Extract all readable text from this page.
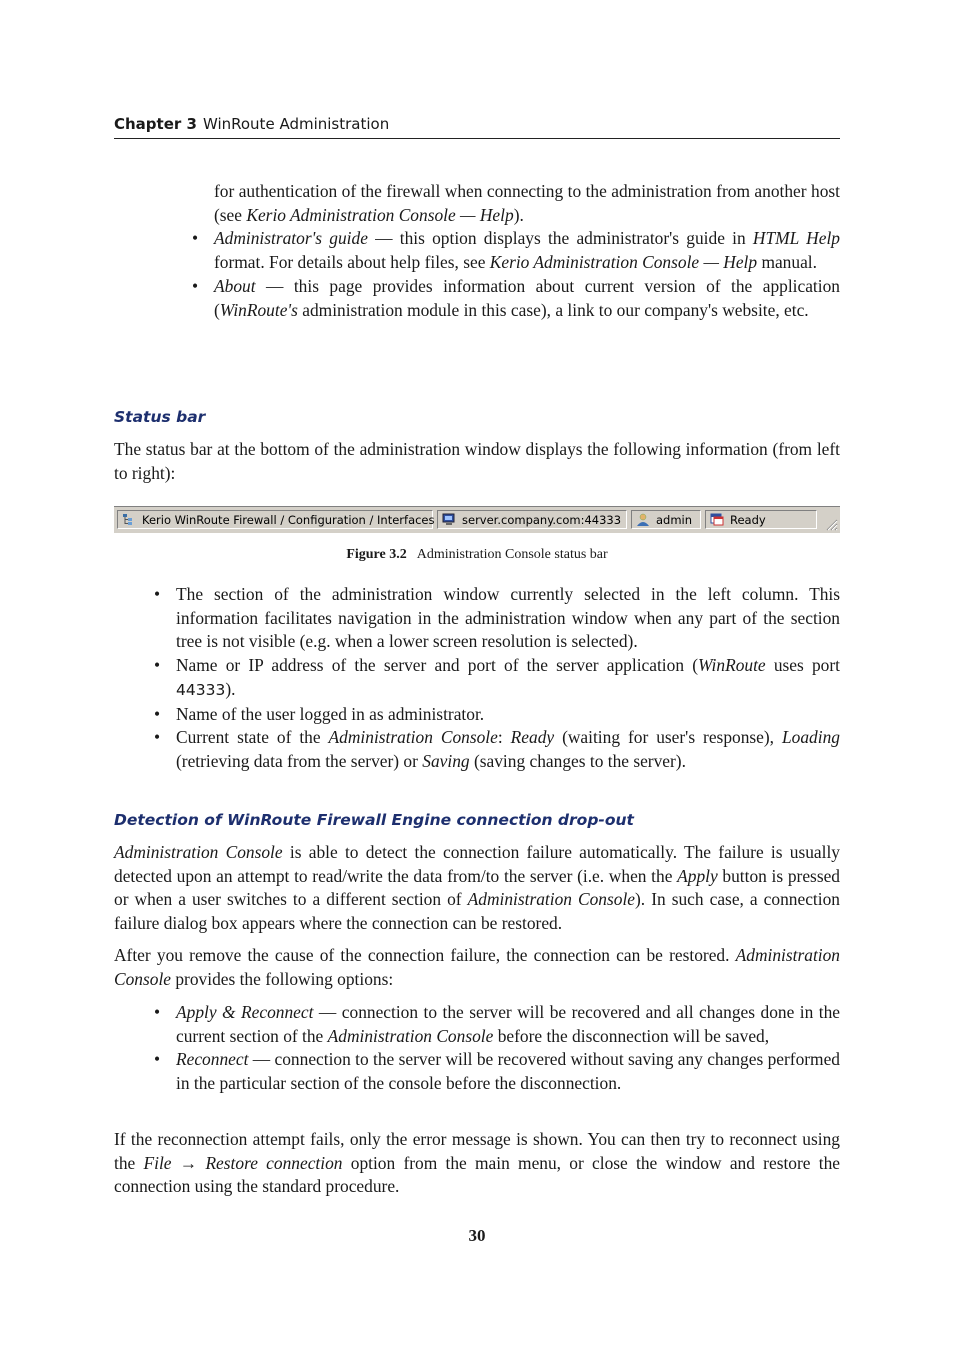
Chapter 3 WinRoute Administration

for authentication of the firewall when connecting to the administration from another host (see Kerio Administration Console — Help).

• Administrator's guide — this option displays the administrator's guide in HTML Help format. For details about help files, see Kerio Administration Console — Help manual.
• About — this page provides information about current version of the application (WinRoute's administration module in this case), a link to our company's website, etc.
Status bar

The status bar at the bottom of the administration window displays the following information (from left to right):

Kerio WinRoute Firewall / Configuration / Interfaces server.company.com:44333	admin	Ready
Figure 3.2 Administration Console status bar
• The section of the administration window currently selected in the left column. This information facilitates navigation in the administration window when any part of the section tree is not visible (e.g. when a lower screen resolution is selected).
• Name or IP address of the server and port of the server application (WinRoute uses port 44333).
• Name of the user logged in as administrator.
• Current state of the Administration Console: Ready (waiting for user's response), Loading (retrieving data from the server) or Saving (saving changes to the server).
Detection of WinRoute Firewall Engine connection drop-out

Administration Console is able to detect the connection failure automatically. The failure is usually detected upon an attempt to read/write the data from/to the server (i.e. when the Apply button is pressed or when a user switches to a different section of Administration Console). In such case, a connection failure dialog box appears where the connection can be restored.

After you remove the cause of the connection failure, the connection can be restored. Administration Console provides the following options:

• Apply & Reconnect — connection to the server will be recovered and all changes done in the current section of the Administration Console before the disconnection will be saved,
• Reconnect — connection to the server will be recovered without saving any changes performed in the particular section of the console before the disconnection.

If the reconnection attempt fails, only the error message is shown. You can then try to reconnect using the File → Restore connection option from the main menu, or close the window and restore the connection using the standard procedure.

30
